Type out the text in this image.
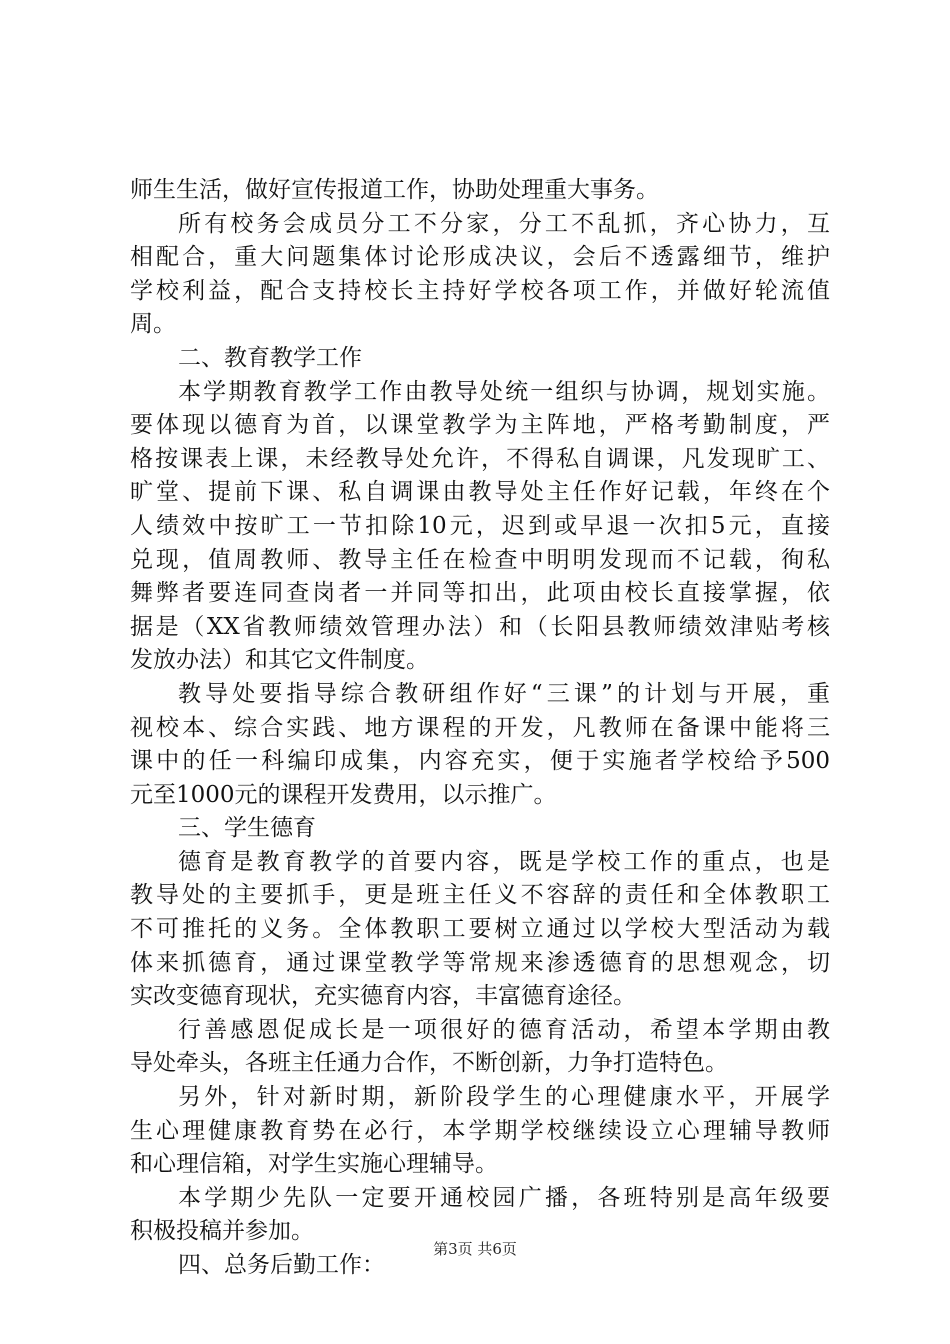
师生生活，做好宣传报道工作，协助处理重大事务。
所有校务会成员分工不分家，分工不乱抓，齐心协力，互
相配合，重大问题集体讨论形成决议，会后不透露细节，维护
学校利益，配合支持校长主持好学校各项工作，并做好轮流值
周。
二、教育教学工作
本学期教育教学工作由教导处统一组织与协调，规划实施。
要体现以德育为首，以课堂教学为主阵地，严格考勤制度，严
格按课表上课，未经教导处允许，不得私自调课，凡发现旷工、
旷堂、提前下课、私自调课由教导处主任作好记载，年终在个
人绩效中按旷工一节扣除10元，迟到或早退一次扣5元，直接
兑现，值周教师、教导主任在检查中明明发现而不记载，徇私
舞弊者要连同查岗者一并同等扣出，此项由校长直接掌握，依
据是（XX省教师绩效管理办法）和（长阳县教师绩效津贴考核
发放办法）和其它文件制度。
教导处要指导综合教研组作好“三课”的计划与开展，重
视校本、综合实践、地方课程的开发，凡教师在备课中能将三
课中的任一科编印成集，内容充实，便于实施者学校给予500
元至1000元的课程开发费用，以示推广。
三、学生德育
德育是教育教学的首要内容，既是学校工作的重点，也是
教导处的主要抓手，更是班主任义不容辞的责任和全体教职工
不可推托的义务。全体教职工要树立通过以学校大型活动为载
体来抓德育，通过课堂教学等常规来渗透德育的思想观念，切
实改变德育现状，充实德育内容，丰富德育途径。
行善感恩促成长是一项很好的德育活动，希望本学期由教
导处牵头，各班主任通力合作，不断创新，力争打造特色。
另外，针对新时期，新阶段学生的心理健康水平，开展学
生心理健康教育势在必行，本学期学校继续设立心理辅导教师
和心理信箱，对学生实施心理辅导。
本学期少先队一定要开通校园广播，各班特别是高年级要
积极投稿并参加。
四、总务后勤工作：
第3页 共6页
